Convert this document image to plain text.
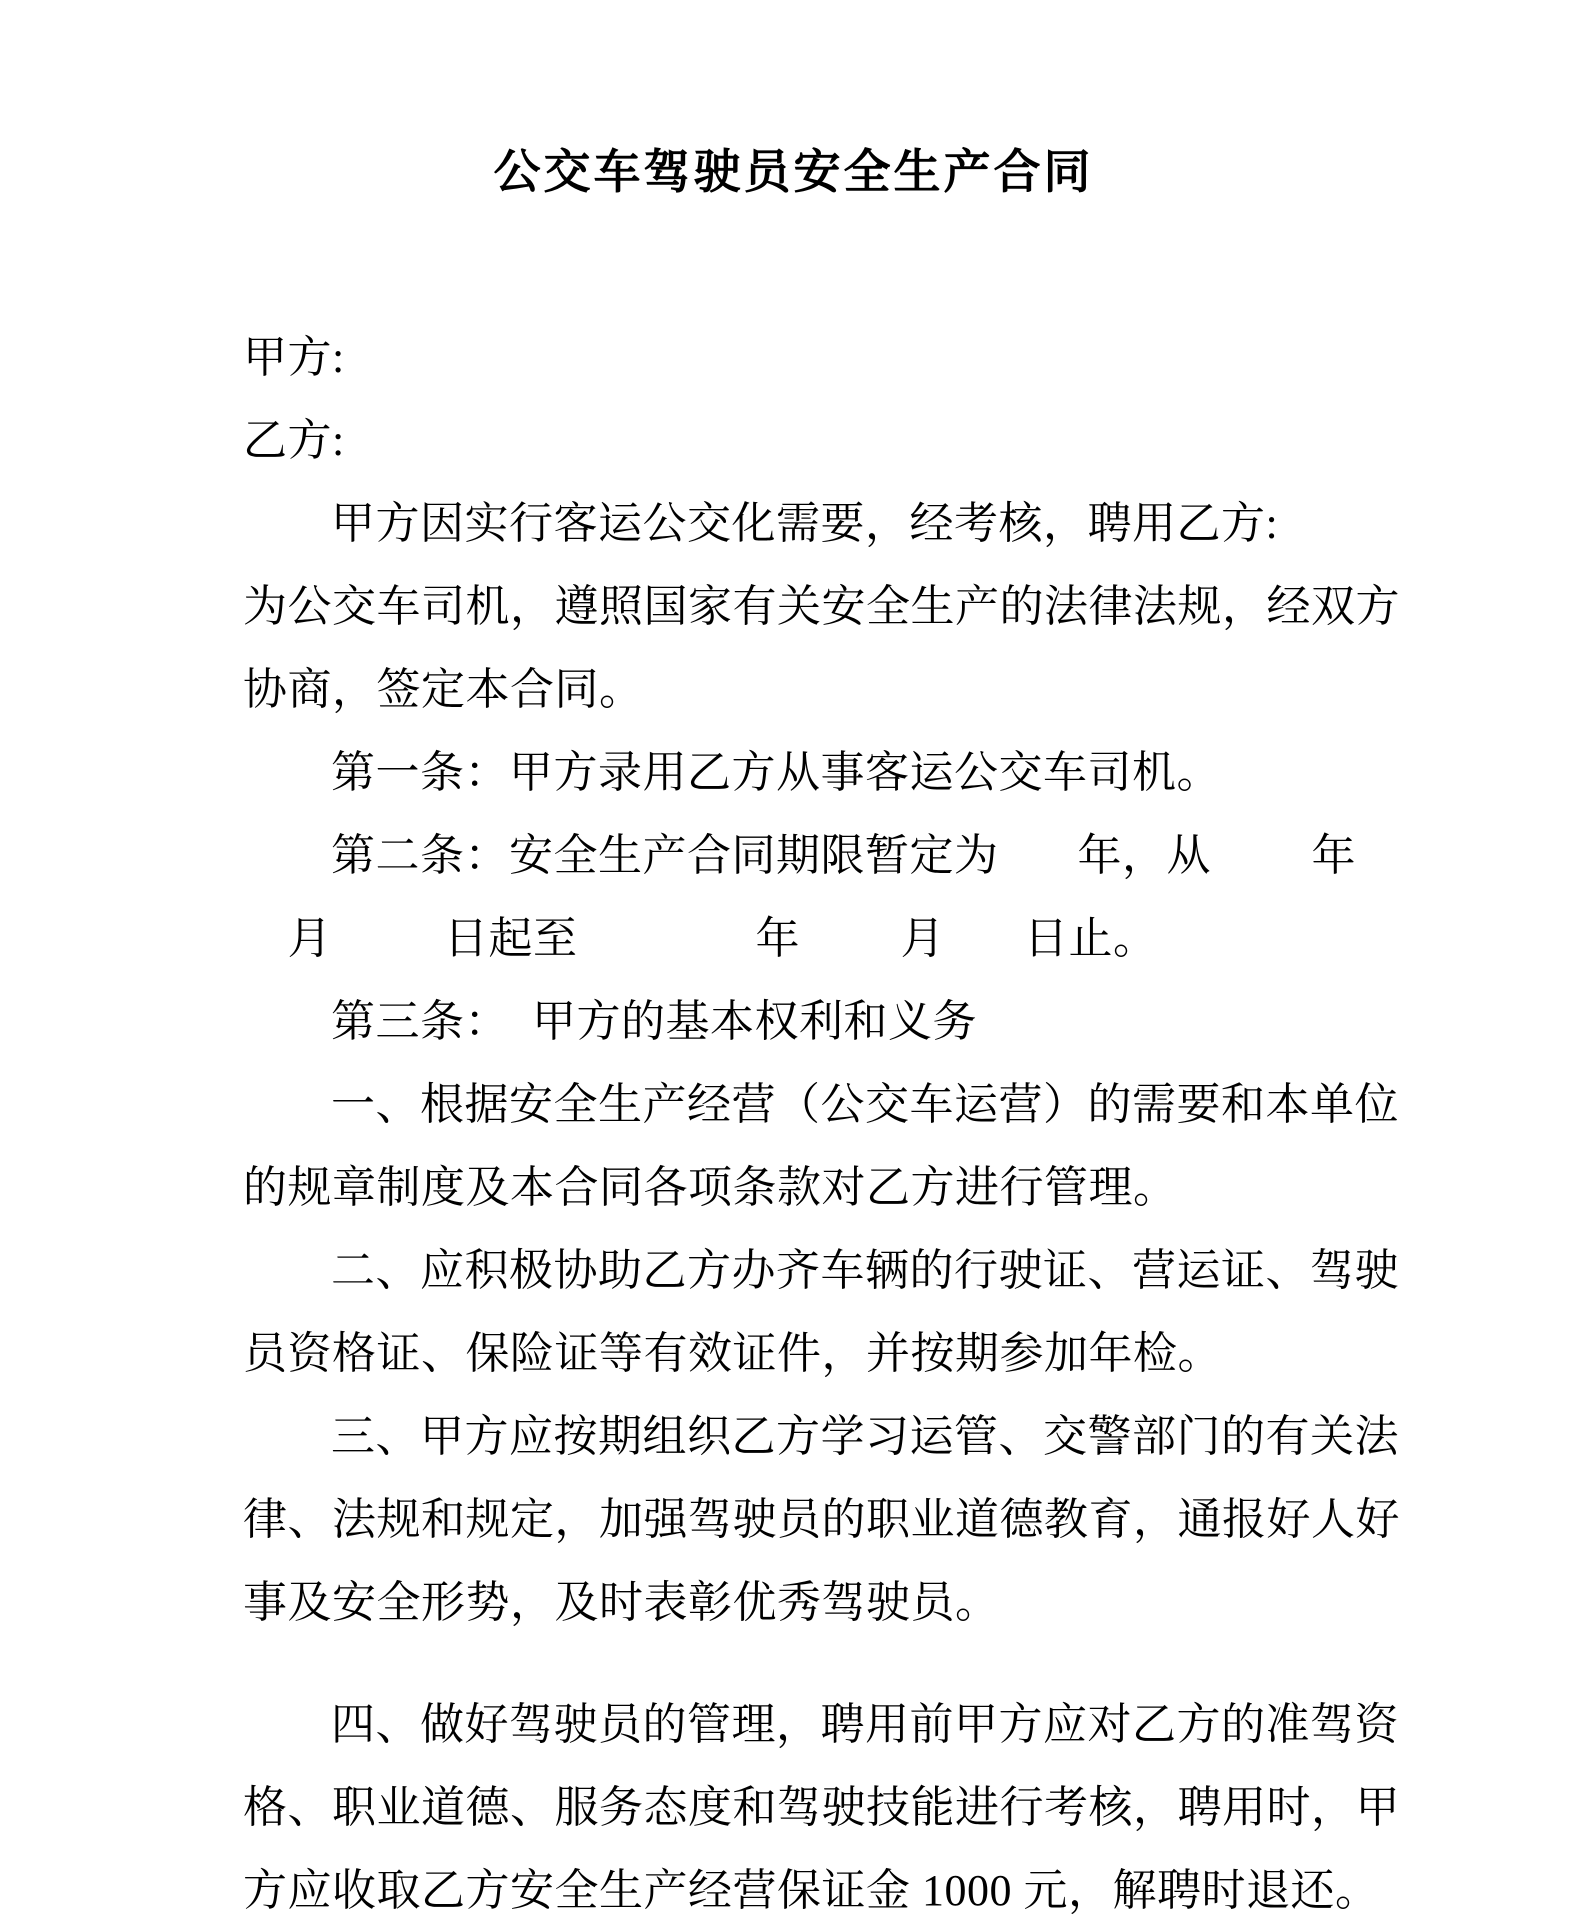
公交车驾驶员安全生产合同
甲方:
乙方:
甲方因实行客运公交化需要，经考核，聘用乙方:
为公交车司机，遵照国家有关安全生产的法律法规，经双方
协商，签定本合同。
第一条：甲方录用乙方从事客运公交车司机。
第二条：安全生产合同期限暂定为　   年，从　　 年
　月　　  日起至　　　　年　　 月　   日止。
第三条：  甲方的基本权利和义务
一、根据安全生产经营（公交车运营）的需要和本单位
的规章制度及本合同各项条款对乙方进行管理。
二、应积极协助乙方办齐车辆的行驶证、营运证、驾驶
员资格证、保险证等有效证件，并按期参加年检。
三、甲方应按期组织乙方学习运管、交警部门的有关法
律、法规和规定，加强驾驶员的职业道德教育，通报好人好
事及安全形势，及时表彰优秀驾驶员。
四、做好驾驶员的管理，聘用前甲方应对乙方的准驾资
格、职业道德、服务态度和驾驶技能进行考核，聘用时，甲
方应收取乙方安全生产经营保证金 1000 元，解聘时退还。
